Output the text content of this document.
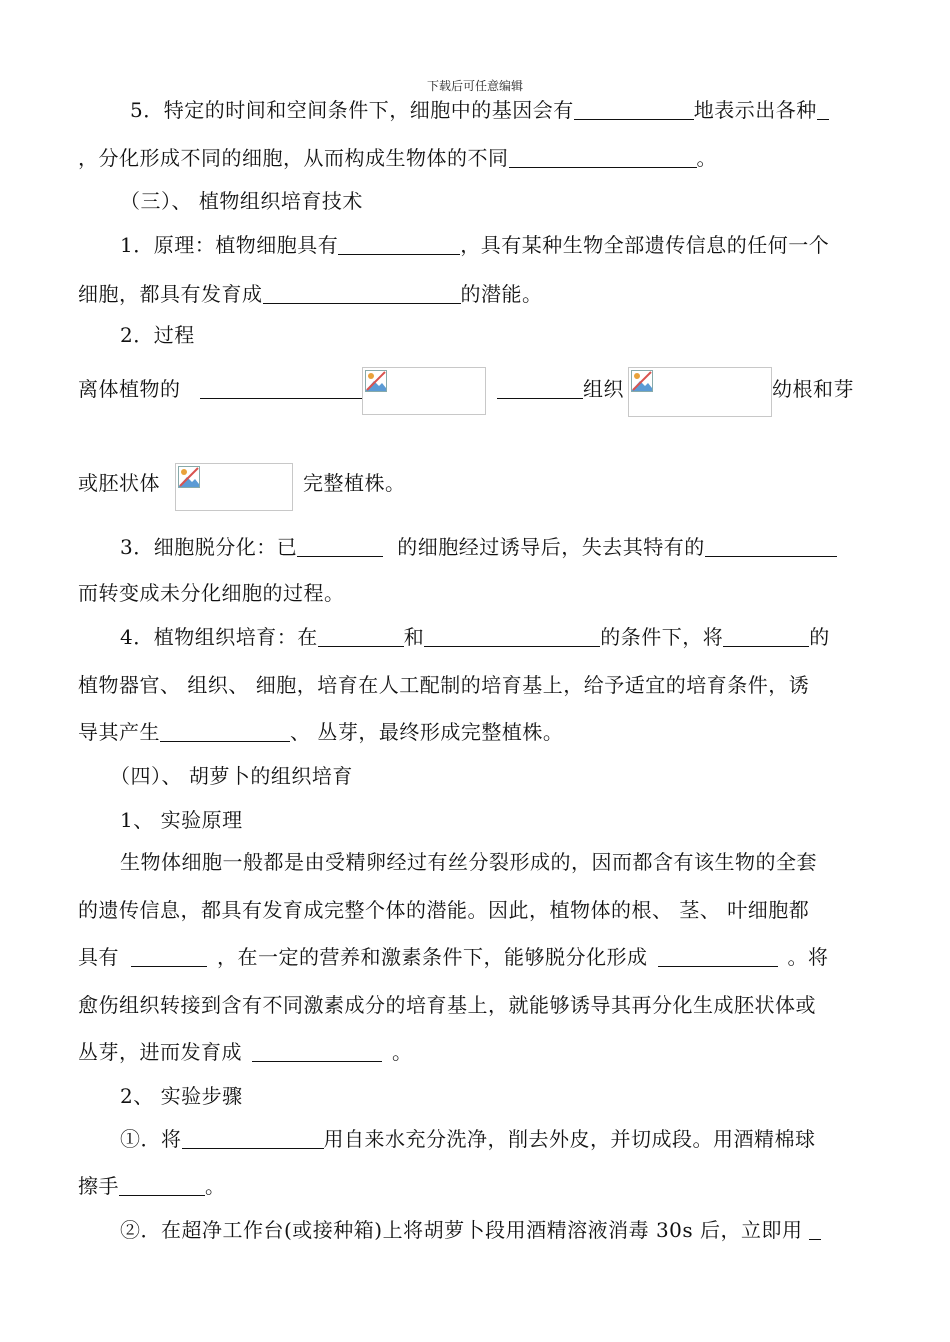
下载后可任意编辑
5．特定的时间和空间条件下，细胞中的基因会有	地表示出各种
，分化形成不同的细胞，从而构成生物体的不同	。
（三）、 植物组织培育技术
1．原理：植物细胞具有	，具有某种生物全部遗传信息的任何一个
细胞，都具有发育成	的潜能。
2．过程
离体植物的	组织	幼根和芽
或胚状体	完整植株。
3．细胞脱分化：已	的细胞经过诱导后，失去其特有的
而转变成未分化细胞的过程。
4．植物组织培育：在	和	的条件下，将	的
植物器官、 组织、 细胞，培育在人工配制的培育基上，给予适宜的培育条件，诱
导其产生	、 丛芽，最终形成完整植株。
（四）、 胡萝卜的组织培育
1、 实验原理
生物体细胞一般都是由受精卵经过有丝分裂形成的，因而都含有该生物的全套
的遗传信息，都具有发育成完整个体的潜能。因此，植物体的根、 茎、 叶细胞都
具有	，在一定的营养和激素条件下，能够脱分化形成	。将
愈伤组织转接到含有不同激素成分的培育基上，就能够诱导其再分化生成胚状体或
丛芽，进而发育成	。
2、 实验步骤
①．将	用自来水充分洗净，削去外皮，并切成段。用酒精棉球
擦手	。
②．在超净工作台(或接种箱)上将胡萝卜段用酒精溶液消毒 30s 后，立即用
